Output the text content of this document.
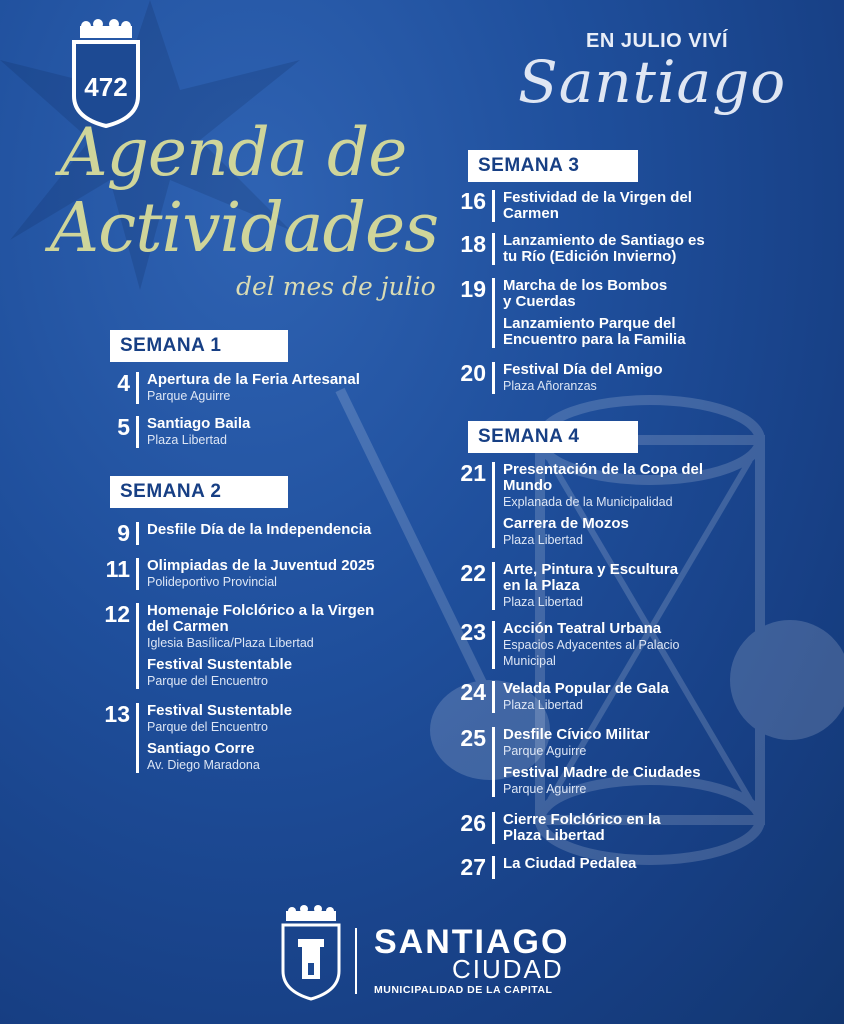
472
Agenda de
Actividades
del mes de julio
EN JULIO VIVÍ
Santiago
SEMANA 1
4	Apertura de la Feria Artesanal
Parque Aguirre
5	Santiago Baila
Plaza Libertad
SEMANA 2
9	Desfile Día de la Independencia
11	Olimpiadas de la Juventud 2025
Polideportivo Provincial
12	Homenaje Folclórico a la Virgen
del Carmen
Iglesia Basílica/Plaza Libertad
Festival Sustentable
Parque del Encuentro
13	Festival Sustentable
Parque del Encuentro
Santiago Corre
Av. Diego Maradona
SEMANA 3
16	Festividad de la Virgen del
Carmen
18	Lanzamiento de Santiago es
tu Río (Edición Invierno)
19	Marcha de los Bombos
y Cuerdas
Lanzamiento Parque del
Encuentro para la Familia
20	Festival Día del Amigo
Plaza Añoranzas
SEMANA 4
21	Presentación de la Copa del
Mundo
Explanada de la Municipalidad
Carrera de Mozos
Plaza Libertad
22	Arte, Pintura y Escultura
en la Plaza
Plaza Libertad
23	Acción Teatral Urbana
Espacios Adyacentes al Palacio
Municipal
24	Velada Popular de Gala
Plaza Libertad
25	Desfile Cívico Militar
Parque Aguirre
Festival Madre de Ciudades
Parque Aguirre
26	Cierre Folclórico en la
Plaza Libertad
27	La Ciudad Pedalea
SANTIAGO
CIUDAD
MUNICIPALIDAD DE LA CAPITAL
